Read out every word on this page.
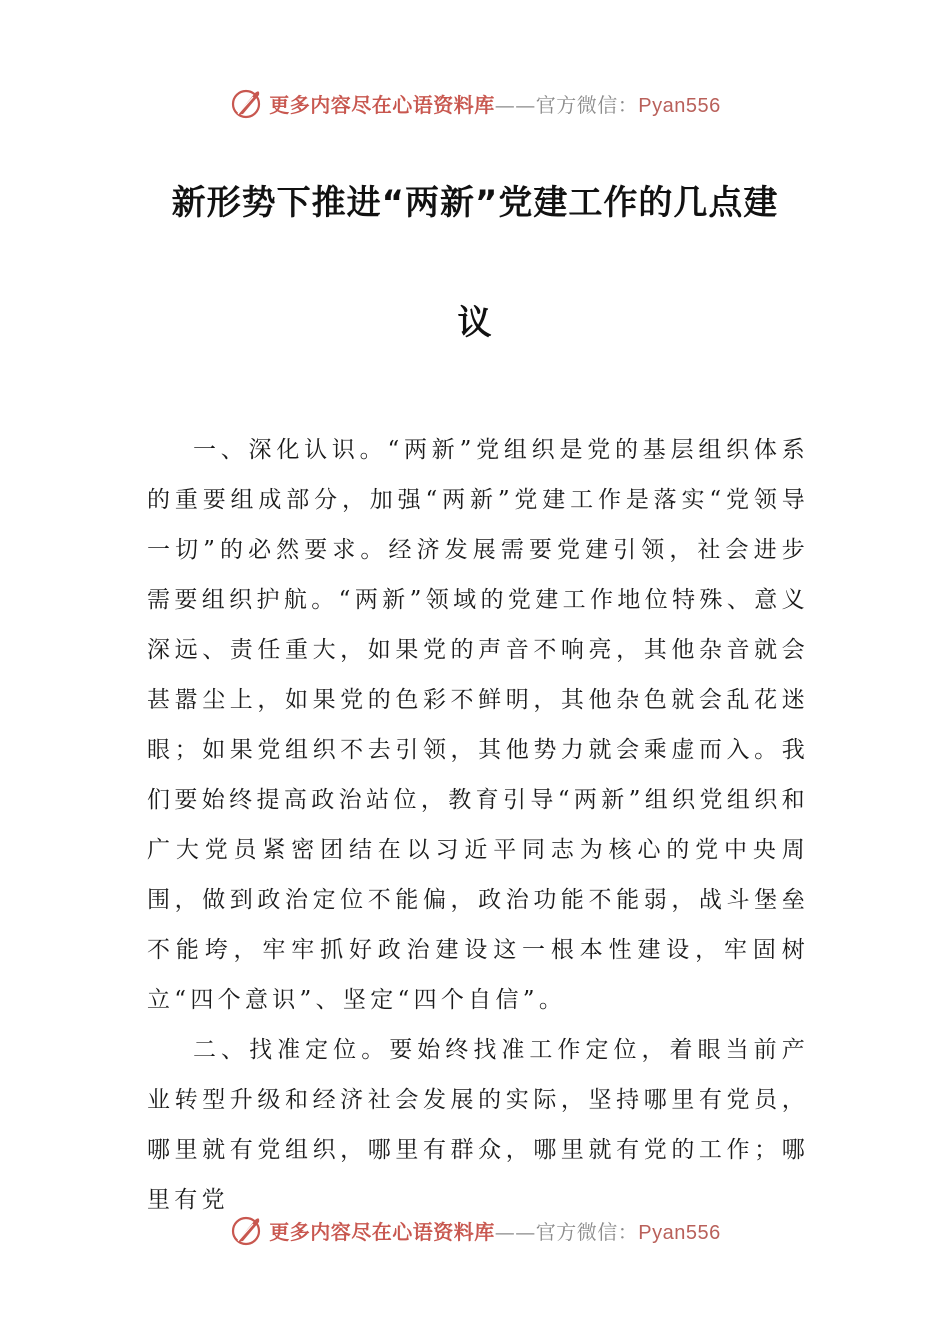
更多内容尽在心语资料库——官方微信：Pyan556
新形势下推进“两新”党建工作的几点建
议

一、深化认识。“两新”党组织是党的基层组织体系的重要组成部分，加强“两新”党建工作是落实“党领导一切”的必然要求。经济发展需要党建引领，社会进步需要组织护航。“两新”领域的党建工作地位特殊、意义深远、责任重大，如果党的声音不响亮，其他杂音就会甚嚣尘上，如果党的色彩不鲜明，其他杂色就会乱花迷眼；如果党组织不去引领，其他势力就会乘虚而入。我们要始终提高政治站位，教育引导“两新”组织党组织和广大党员紧密团结在以习近平同志为核心的党中央周围，做到政治定位不能偏，政治功能不能弱，战斗堡垒不能垮，牢牢抓好政治建设这一根本性建设，牢固树立“四个意识”、坚定“四个自信”。

二、找准定位。要始终找准工作定位，着眼当前产业转型升级和经济社会发展的实际，坚持哪里有党员，哪里就有党组织，哪里有群众，哪里就有党的工作；哪里有党

更多内容尽在心语资料库——官方微信：Pyan556
